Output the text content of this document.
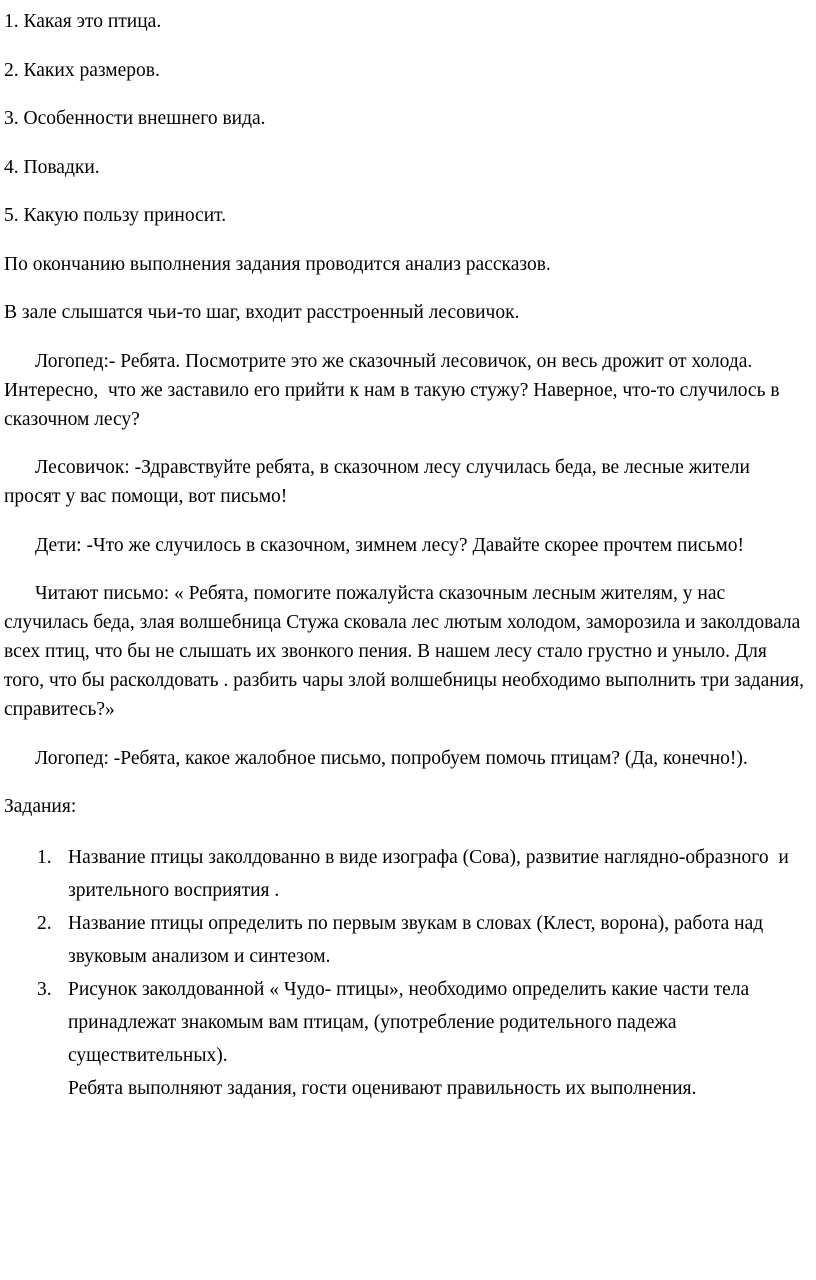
1. Какая это птица.

2. Каких размеров.

3. Особенности внешнего вида.

4. Повадки.

5. Какую пользу приносит.

По окончанию выполнения задания проводится анализ рассказов.

В зале слышатся чьи-то шаг, входит расстроенный лесовичок.

Логопед:- Ребята. Посмотрите это же сказочный лесовичок, он весь дрожит от холода. Интересно,  что же заставило его прийти к нам в такую стужу? Наверное, что-то случилось в сказочном лесу?

Лесовичок: -Здравствуйте ребята, в сказочном лесу случилась беда, ве лесные жители просят у вас помощи, вот письмо!

Дети: -Что же случилось в сказочном, зимнем лесу? Давайте скорее прочтем письмо!

Читают письмо: « Ребята, помогите пожалуйста сказочным лесным жителям, у нас случилась беда, злая волшебница Стужа сковала лес лютым холодом, заморозила и заколдовала всех птиц, что бы не слышать их звонкого пения. В нашем лесу стало грустно и уныло. Для того, что бы расколдовать . разбить чары злой волшебницы необходимо выполнить три задания, справитесь?»

Логопед: -Ребята, какое жалобное письмо, попробуем помочь птицам? (Да, конечно!).

Задания:

1. Название птицы заколдованно в виде изографа (Сова), развитие наглядно-образного  и зрительного восприятия .
2. Название птицы определить по первым звукам в словах (Клест, ворона), работа над звуковым анализом и синтезом.
3. Рисунок заколдованной « Чудо- птицы», необходимо определить какие части тела принадлежат знакомым вам птицам, (употребление родительного падежа существительных).
Ребята выполняют задания, гости оценивают правильность их выполнения.
